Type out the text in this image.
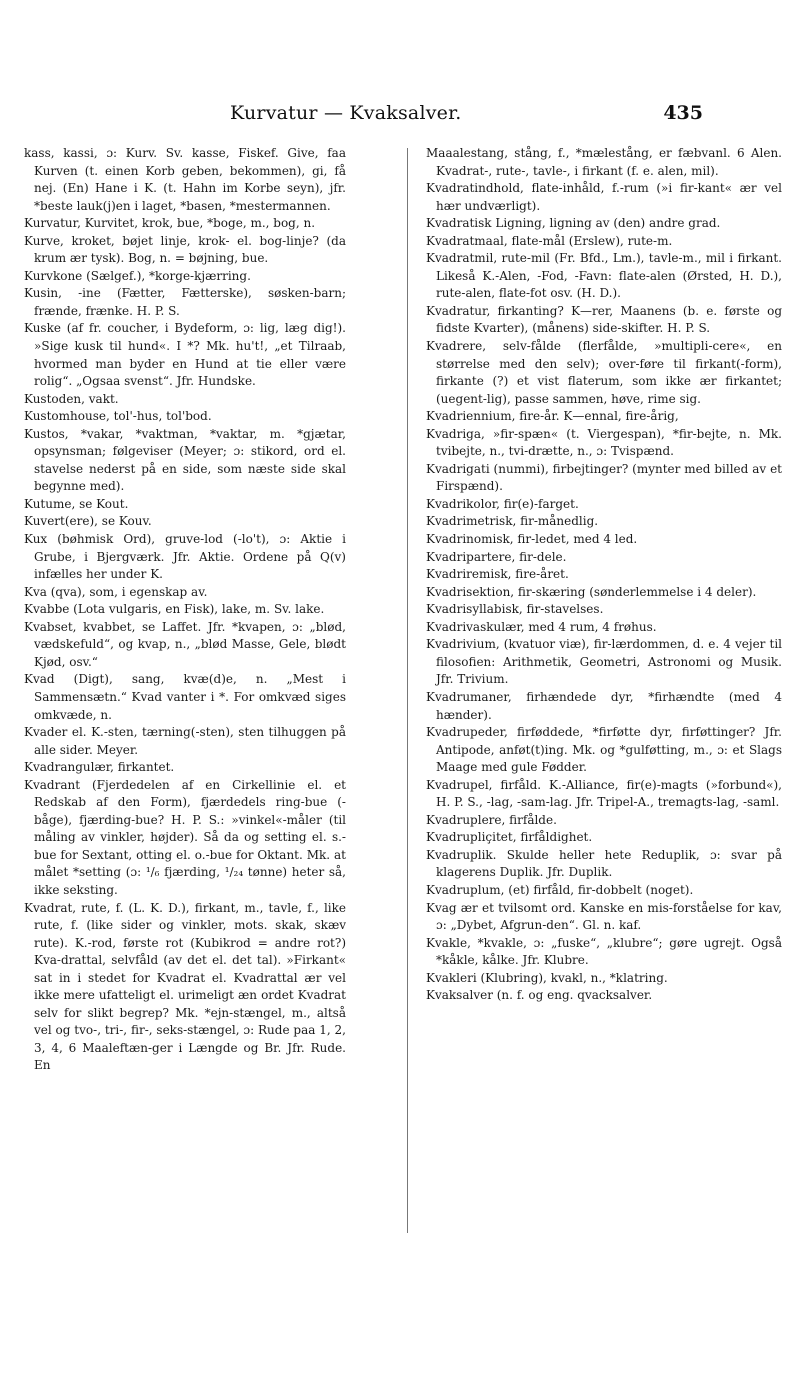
Kurvatur — Kvaksalver.	435
kass, kassi, ɔ: Kurv. Sv. kasse, Fiskef. Give, faa Kurven (t. einen Korb geben, bekommen), gi, få nej. (En) Hane i K. (t. Hahn im Korbe seyn), jfr. *beste lauk(j)en i laget, *basen, *mestermannen.
Kurvatur, Kurvitet, krok, bue, *boge, m., bog, n.
Kurve, kroket, bøjet linje, krok- el. bog-linje? (da krum ær tysk). Bog, n. = bøjning, bue.
Kurvkone (Sælgef.), *korge-kjærring.
Kusin, -ine (Fætter, Fætterske), søsken-barn; frænde, frænke. H. P. S.
Kuske (af fr. coucher, i Bydeform, ɔ: lig, læg dig!). »Sige kusk til hund«. I *? Mk. hu't!, „et Tilraab, hvormed man byder en Hund at tie eller være rolig“. „Ogsaa svenst“. Jfr. Hundske.
Kustoden, vakt.
Kustomhouse, tol'-hus, tol'bod.
Kustos, *vakar, *vaktman, *vaktar, m. *gjætar, opsynsman; følgeviser (Meyer; ɔ: stikord, ord el. stavelse nederst på en side, som næste side skal begynne med).
Kutume, se Kout.
Kuvert(ere), se Kouv.
Kux (bøhmisk Ord), gruve-lod (-lo't), ɔ: Aktie i Grube, i Bjergværk. Jfr. Aktie. Ordene på Q(v) infælles her under K.
Kva (qva), som, i egenskap av.
Kvabbe (Lota vulgaris, en Fisk), lake, m. Sv. lake.
Kvabset, kvabbet, se Laffet. Jfr. *kvapen, ɔ: „blød, vædskefuld“, og kvap, n., „blød Masse, Gele, blødt Kjød, osv.“
Kvad (Digt), sang, kvæ(d)e, n. „Mest i Sammensætn.“ Kvad vanter i *. For omkvæd siges omkvæde, n.
Kvader el. K.-sten, tærning(-sten), sten tilhuggen på alle sider. Meyer.
Kvadrangulær, firkantet.
Kvadrant (Fjerdedelen af en Cirkellinie el. et Redskab af den Form), fjærdedels ring-bue (-båge), fjærding-bue? H. P. S.: »vinkel«-måler (til måling av vinkler, højder). Så da og setting el. s.-bue for Sextant, otting el. o.-bue for Oktant. Mk. at målet *setting (ɔ: ¹/₆ fjærding, ¹/₂₄ tønne) heter så, ikke seksting.
Kvadrat, rute, f. (L. K. D.), firkant, m., tavle, f., like rute, f. (like sider og vinkler, mots. skak, skæv rute). K.-rod, første rot (Kubikrod = andre rot?) Kva-drattal, selvfåld (av det el. det tal). »Firkant« sat in i stedet for Kvadrat el. Kvadrattal ær vel ikke mere ufatteligt el. urimeligt æn ordet Kvadrat selv for slikt begrep? Mk. *ejn-stængel, m., altså vel og tvo-, tri-, fir-, seks-stængel, ɔ: Rude paa 1, 2, 3, 4, 6 Maaleftæn-ger i Længde og Br. Jfr. Rude. En
Maaalestang, stång, f., *mælestång, er fæbvanl. 6 Alen. Kvadrat-, rute-, tavle-, i firkant (f. e. alen, mil).
Kvadratindhold, flate-inhåld, f.-rum (»i fir-kant« ær vel hær undværligt).
Kvadratisk Ligning, ligning av (den) andre grad.
Kvadratmaal, flate-mål (Erslew), rute-m.
Kvadratmil, rute-mil (Fr. Bfd., Lm.), tavle-m., mil i firkant. Likeså K.-Alen, -Fod, -Favn: flate-alen (Ørsted, H. D.), rute-alen, flate-fot osv. (H. D.).
Kvadratur, firkanting? K—rer, Maanens (b. e. første og fidste Kvarter), (månens) side-skifter. H. P. S.
Kvadrere, selv-fålde (flerfålde, »multipli-cere«, en størrelse med den selv); over-føre til firkant(-form), firkante (?) et vist flaterum, som ikke ær firkantet; (uegent-lig), passe sammen, høve, rime sig.
Kvadriennium, fire-år. K—ennal, fire-årig,
Kvadriga, »fir-spæn« (t. Viergespan), *fir-bejte, n. Mk. tvibejte, n., tvi-drætte, n., ɔ: Tvispænd.
Kvadrigati (nummi), firbejtinger? (mynter med billed av et Firspænd).
Kvadrikolor, fir(e)-farget.
Kvadrimetrisk, fir-månedlig.
Kvadrinomisk, fir-ledet, med 4 led.
Kvadripartere, fir-dele.
Kvadriremisk, fire-året.
Kvadrisektion, fir-skæring (sønderlemmelse i 4 deler).
Kvadrisyllabisk, fir-stavelses.
Kvadrivaskulær, med 4 rum, 4 frøhus.
Kvadrivium, (kvatuor viæ), fir-lærdommen, d. e. 4 vejer til filosofien: Arithmetik, Geometri, Astronomi og Musik. Jfr. Trivium.
Kvadrumaner, firhændede dyr, *firhændte (med 4 hænder).
Kvadrupeder, firføddede, *firføtte dyr, firføttinger? Jfr. Antipode, anføt(t)ing. Mk. og *gulføtting, m., ɔ: et Slags Maage med gule Fødder.
Kvadrupel, firfåld. K.-Alliance, fir(e)-magts (»forbund«), H. P. S., -lag, -sam-lag. Jfr. Tripel-A., tremagts-lag, -saml.
Kvadruplere, firfålde.
Kvadrupliçitet, firfåldighet.
Kvadruplik. Skulde heller hete Reduplik, ɔ: svar på klagerens Duplik. Jfr. Duplik.
Kvadruplum, (et) firfåld, fir-dobbelt (noget).
Kvag ær et tvilsomt ord. Kanske en mis-forståelse for kav, ɔ: „Dybet, Afgrun-den“. Gl. n. kaf.
Kvakle, *kvakle, ɔ: „fuske“, „klubre“; gøre ugrejt. Også *kåkle, kålke. Jfr. Klubre.
Kvakleri (Klubring), kvakl, n., *klatring.
Kvaksalver (n. f. og eng. qvacksalver.
